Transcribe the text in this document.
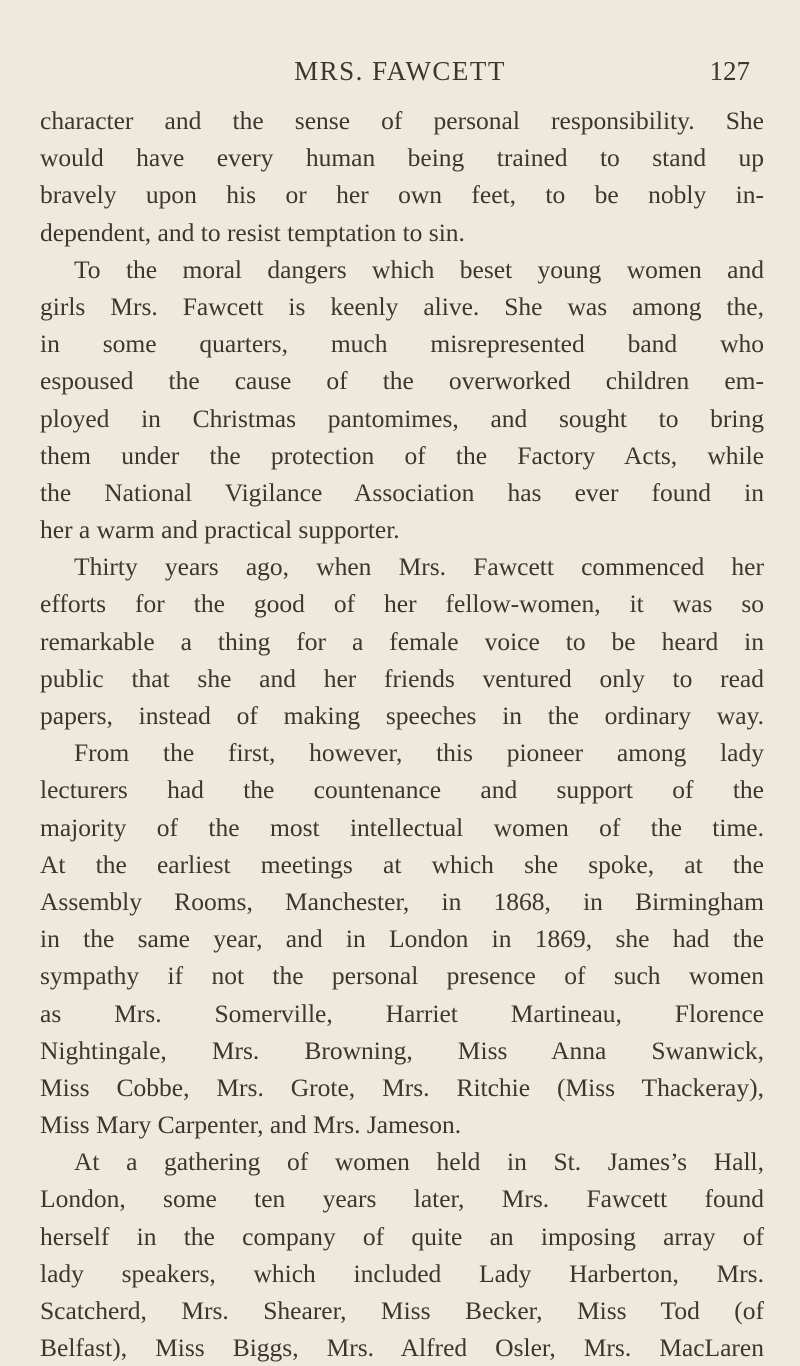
MRS. FAWCETT	127
character and the sense of personal responsibility. She
would have every human being trained to stand up
bravely upon his or her own feet, to be nobly in-
dependent, and to resist temptation to sin.
To the moral dangers which beset young women and
girls Mrs. Fawcett is keenly alive. She was among the,
in some quarters, much misrepresented band who
espoused the cause of the overworked children em-
ployed in Christmas pantomimes, and sought to bring
them under the protection of the Factory Acts, while
the National Vigilance Association has ever found in
her a warm and practical supporter.
Thirty years ago, when Mrs. Fawcett commenced her
efforts for the good of her fellow-women, it was so
remarkable a thing for a female voice to be heard in
public that she and her friends ventured only to read
papers, instead of making speeches in the ordinary way.
From the first, however, this pioneer among lady
lecturers had the countenance and support of the
majority of the most intellectual women of the time.
At the earliest meetings at which she spoke, at the
Assembly Rooms, Manchester, in 1868, in Birmingham
in the same year, and in London in 1869, she had the
sympathy if not the personal presence of such women
as Mrs. Somerville, Harriet Martineau, Florence
Nightingale, Mrs. Browning, Miss Anna Swanwick,
Miss Cobbe, Mrs. Grote, Mrs. Ritchie (Miss Thackeray),
Miss Mary Carpenter, and Mrs. Jameson.
At a gathering of women held in St. James’s Hall,
London, some ten years later, Mrs. Fawcett found
herself in the company of quite an imposing array of
lady speakers, which included Lady Harberton, Mrs.
Scatcherd, Mrs. Shearer, Miss Becker, Miss Tod (of
Belfast), Miss Biggs, Mrs. Alfred Osler, Mrs. MacLaren
